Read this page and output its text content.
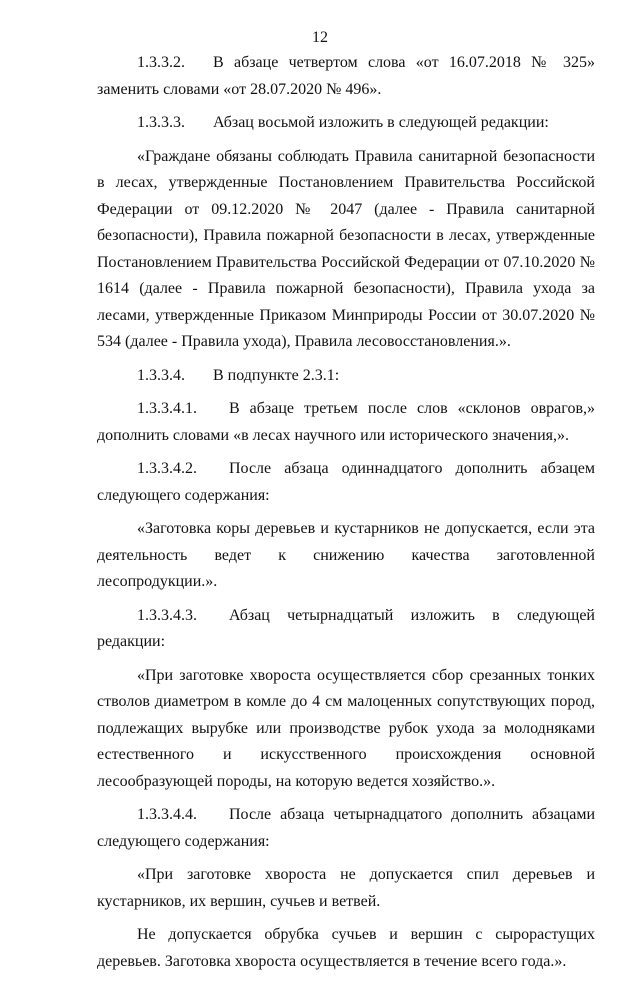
12

1.3.3.2. В абзаце четвертом слова «от 16.07.2018 № 325» заменить словами «от 28.07.2020 № 496».

1.3.3.3. Абзац восьмой изложить в следующей редакции:

«Граждане обязаны соблюдать Правила санитарной безопасности в лесах, утвержденные Постановлением Правительства Российской Федерации от 09.12.2020 № 2047 (далее - Правила санитарной безопасности), Правила пожарной безопасности в лесах, утвержденные Постановлением Правительства Российской Федерации от 07.10.2020 № 1614 (далее - Правила пожарной безопасности), Правила ухода за лесами, утвержденные Приказом Минприроды России от 30.07.2020 № 534 (далее - Правила ухода), Правила лесовосстановления.».

1.3.3.4. В подпункте 2.3.1:

1.3.3.4.1. В абзаце третьем после слов «склонов оврагов,» дополнить словами «в лесах научного или исторического значения,».

1.3.3.4.2. После абзаца одиннадцатого дополнить абзацем следующего содержания:

«Заготовка коры деревьев и кустарников не допускается, если эта деятельность ведет к снижению качества заготовленной лесопродукции.».

1.3.3.4.3. Абзац четырнадцатый изложить в следующей редакции:

«При заготовке хвороста осуществляется сбор срезанных тонких стволов диаметром в комле до 4 см малоценных сопутствующих пород, подлежащих вырубке или производстве рубок ухода за молодняками естественного и искусственного происхождения основной лесообразующей породы, на которую ведется хозяйство.».

1.3.3.4.4. После абзаца четырнадцатого дополнить абзацами следующего содержания:

«При заготовке хвороста не допускается спил деревьев и кустарников, их вершин, сучьев и ветвей.

Не допускается обрубка сучьев и вершин с сырорастущих деревьев. Заготовка хвороста осуществляется в течение всего года.».
